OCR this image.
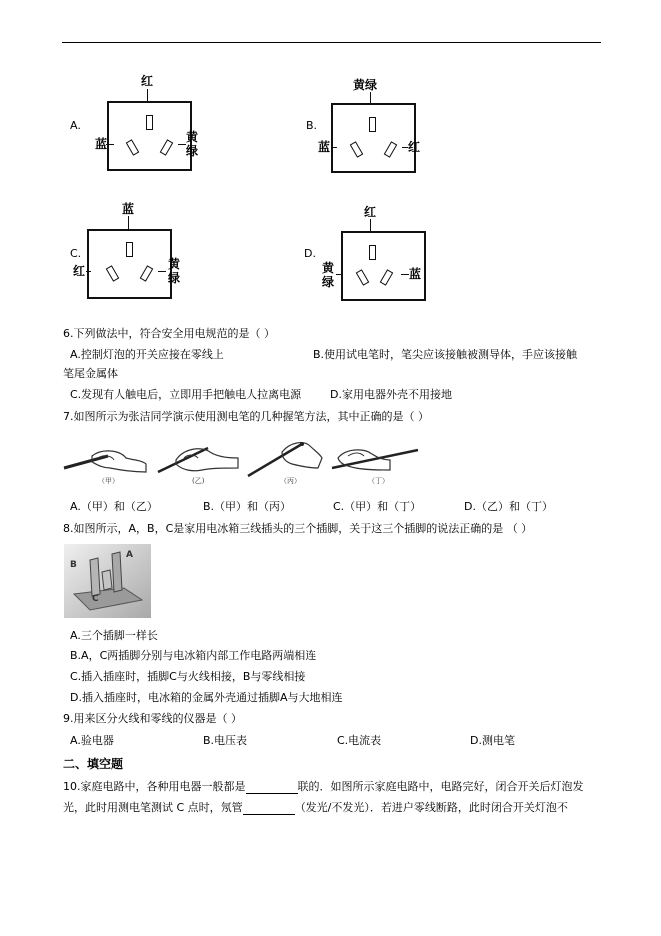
A.
红
蓝	黄
绿
B.
黄绿
蓝	红
C.
蓝
红	黄
绿
D.
红
黄
绿
蓝
6.下列做法中，符合安全用电规范的是（ ）
A.控制灯泡的开关应接在零线上	B.使用试电笔时，笔尖应该接触被测导体，手应该接触
笔尾金属体
C.发现有人触电后，立即用手把触电人拉离电源	D.家用电器外壳不用接地
7.如图所示为张洁同学演示使用测电笔的几种握笔方法，其中正确的是（ ）
（甲）	(乙)	（丙）	（丁）
A.（甲）和（乙）	B.（甲）和（丙）	C.（甲）和（丁）	D.（乙）和（丁）
8.如图所示，A，B，C是家用电冰箱三线插头的三个插脚，关于这三个插脚的说法正确的是 （ ）
B
A
C
A.三个插脚一样长
B.A，C两插脚分别与电冰箱内部工作电路两端相连
C.插入插座时，插脚C与火线相接，B与零线相接
D.插入插座时，电冰箱的金属外壳通过插脚A与大地相连
9.用来区分火线和零线的仪器是（ ）
A.验电器	B.电压表	C.电流表	D.测电笔
二、填空题
10.家庭电路中，各种用电器一般都是	联的．如图所示家庭电路中，电路完好，闭合开关后灯泡发
光，此时用测电笔测试 C 点时，氖管	（发光/不发光）．若进户零线断路，此时闭合开关灯泡不
